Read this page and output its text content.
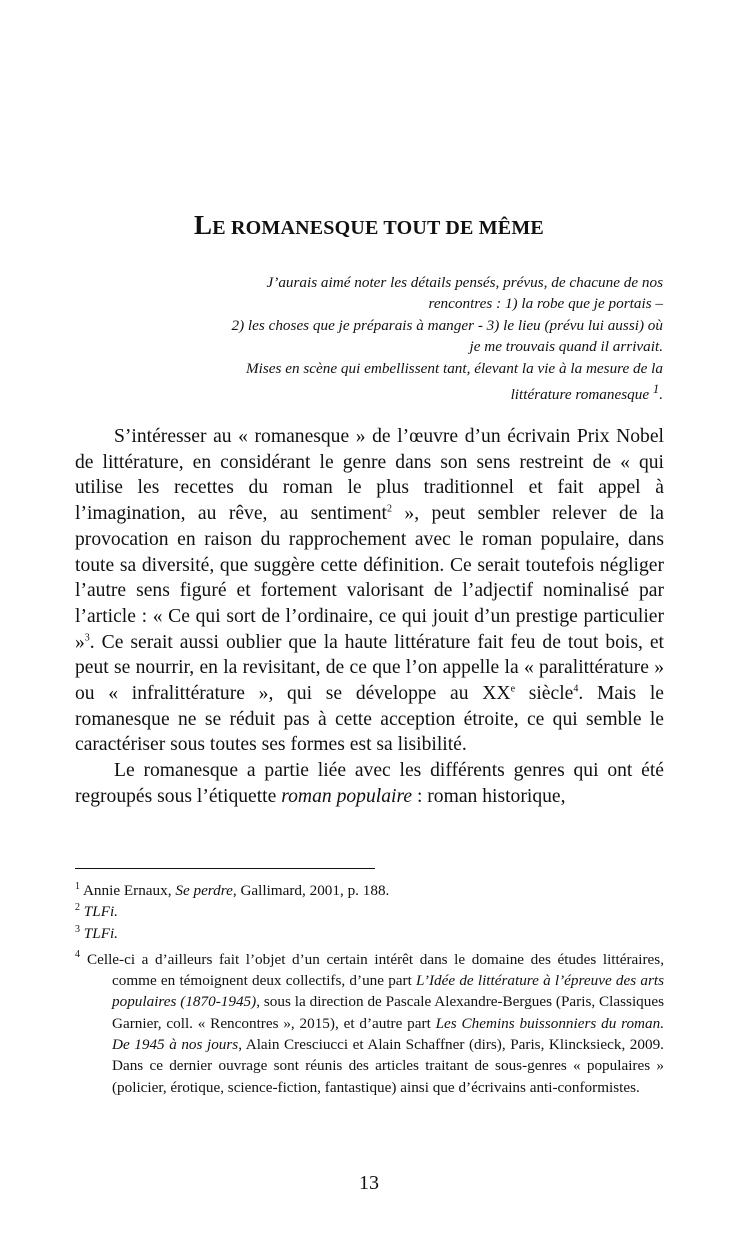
LE ROMANESQUE TOUT DE MÊME

J’aurais aimé noter les détails pensés, prévus, de chacune de nos

rencontres : 1) la robe que je portais –

2) les choses que je préparais à manger - 3) le lieu (prévu lui aussi) où

je me trouvais quand il arrivait.

Mises en scène qui embellissent tant, élevant la vie à la mesure de la

littérature romanesque $^1$.

S’intéresser au « romanesque » de l’œuvre d’un écrivain Prix Nobel de littérature, en considérant le genre dans son sens restreint de « qui utilise les recettes du roman le plus traditionnel et fait appel à l’imagination, au rêve, au sentiment$^2$ », peut sembler relever de la provocation en raison du rapprochement avec le roman populaire, dans toute sa diversité, que suggère cette définition. Ce serait toutefois négliger l’autre sens figuré et fortement valorisant de l’adjectif nominalisé par l’article : « Ce qui sort de l’ordinaire, ce qui jouit d’un prestige particulier »$^3$. Ce serait aussi oublier que la haute littérature fait feu de tout bois, et peut se nourrir, en la revisitant, de ce que l’on appelle la « paralittérature » ou « infralittérature », qui se développe au XXe siècle$^4$. Mais le romanesque ne se réduit pas à cette acception étroite, ce qui semble le caractériser sous toutes ses formes est sa lisibilité.

Le romanesque a partie liée avec les différents genres qui ont été regroupés sous l’étiquette roman populaire : roman historique,

$^1$ Annie Ernaux, Se perdre, Gallimard, 2001, p. 188.

$^2$ TLFi.

$^3$ TLFi.

4 Celle-ci a d’ailleurs fait l’objet d’un certain intérêt dans le domaine des études littéraires, comme en témoignent deux collectifs, d’une part L’Idée de littérature à l’épreuve des arts populaires (1870-1945), sous la direction de Pascale Alexandre-Bergues (Paris, Classiques Garnier, coll. « Rencontres », 2015), et d’autre part Les Chemins buissonniers du roman. De 1945 à nos jours, Alain Cresciucci et Alain Schaffner (dirs), Paris, Klincksieck, 2009. Dans ce dernier ouvrage sont réunis des articles traitant de sous-genres « populaires » (policier, érotique, science-fiction, fantastique) ainsi que d’écrivains anti-conformistes.

13
